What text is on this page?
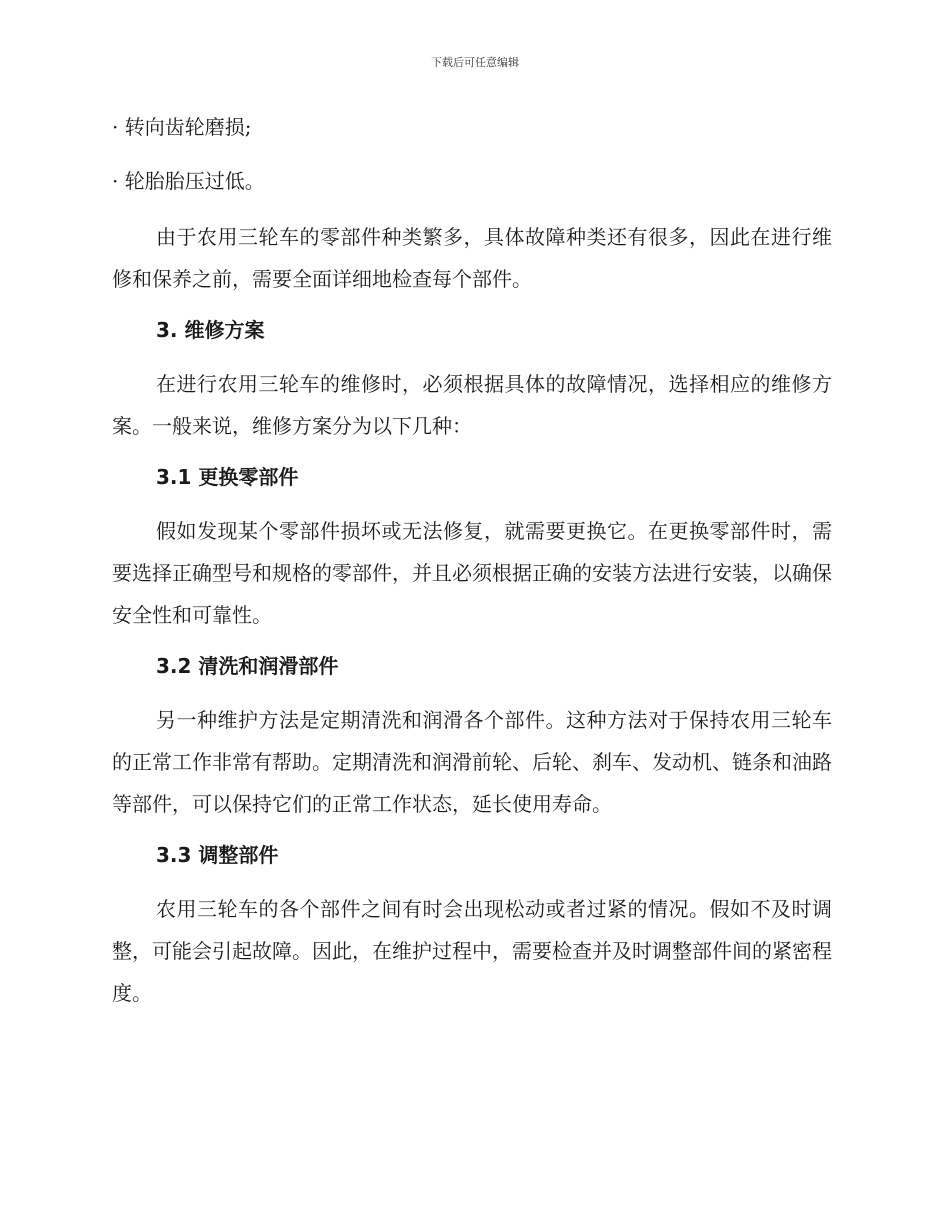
下载后可任意编辑
· 转向齿轮磨损;
· 轮胎胎压过低。
由于农用三轮车的零部件种类繁多，具体故障种类还有很多，因此在进行维修和保养之前，需要全面详细地检查每个部件。
3. 维修方案
在进行农用三轮车的维修时，必须根据具体的故障情况，选择相应的维修方案。一般来说，维修方案分为以下几种：
3.1 更换零部件
假如发现某个零部件损坏或无法修复，就需要更换它。在更换零部件时，需要选择正确型号和规格的零部件，并且必须根据正确的安装方法进行安装，以确保安全性和可靠性。
3.2 清洗和润滑部件
另一种维护方法是定期清洗和润滑各个部件。这种方法对于保持农用三轮车的正常工作非常有帮助。定期清洗和润滑前轮、后轮、刹车、发动机、链条和油路等部件，可以保持它们的正常工作状态，延长使用寿命。
3.3 调整部件
农用三轮车的各个部件之间有时会出现松动或者过紧的情况。假如不及时调整，可能会引起故障。因此，在维护过程中，需要检查并及时调整部件间的紧密程度。
